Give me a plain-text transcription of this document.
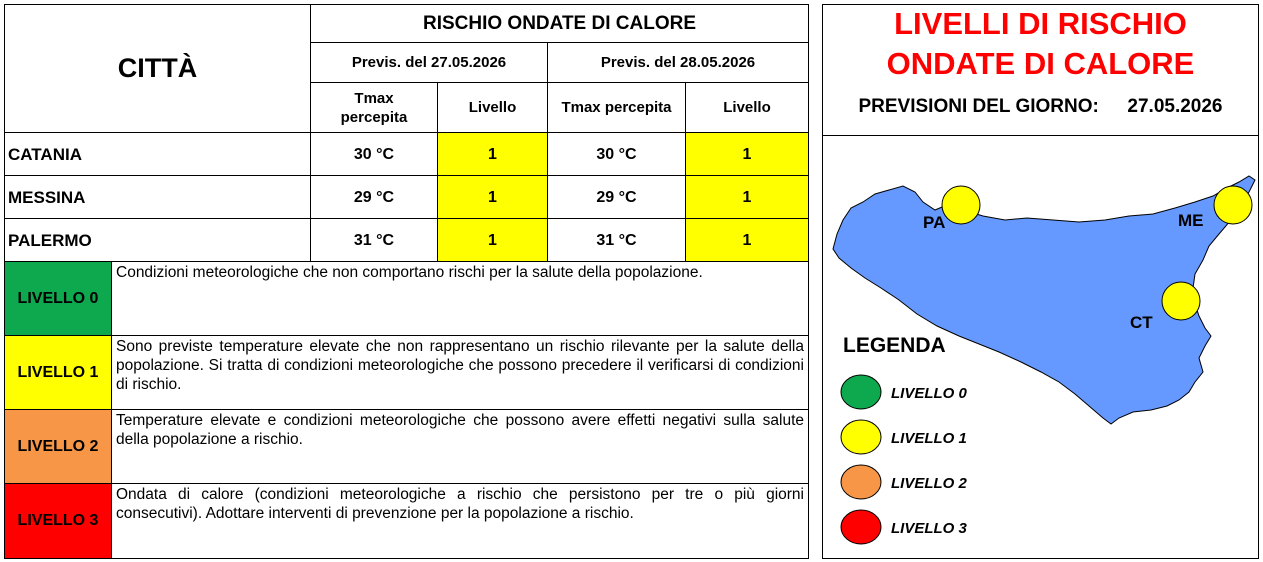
CITTÀ
RISCHIO ONDATE DI CALORE
Previs. del 27.05.2026	Previs. del 28.05.2026
Tmax
percepita
Livello	Tmax percepita	Livello
CATANIA	30 °C	1	30 °C	1
MESSINA	29 °C	1	29 °C	1
PALERMO	31 °C	1	31 °C	1
LIVELLO 0
Condizioni meteorologiche che non comportano rischi per la salute della popolazione.
LIVELLO 1
Sono previste temperature elevate che non rappresentano un rischio rilevante per la salute della popolazione. Si tratta di condizioni meteorologiche che possono precedere il verificarsi di condizioni di rischio.
LIVELLO 2
Temperature elevate e condizioni meteorologiche che possono avere effetti negativi sulla salute della popolazione a rischio.
LIVELLO 3
Ondata di calore (condizioni meteorologiche a rischio che persistono per tre o più giorni consecutivi). Adottare interventi di prevenzione per la popolazione a rischio.
LIVELLI DI RISCHIO
ONDATE DI CALORE
PREVISIONI DEL GIORNO: 27.05.2026
PA	ME
CT
LEGENDA
LIVELLO 0
LIVELLO 1
LIVELLO 2
LIVELLO 3
